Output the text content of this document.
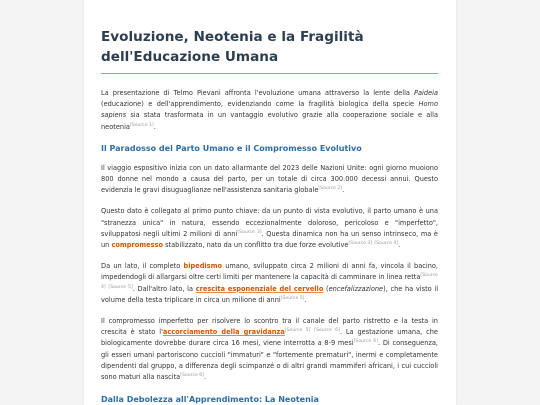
Evoluzione, Neotenia e la Fragilità
dell'Educazione Umana

La presentazione di Telmo Pievani affronta l'evoluzione umana attraverso la lente della Paideia (educazione) e dell'apprendimento, evidenziando come la fragilità biologica della specie Homo sapiens sia stata trasformata in un vantaggio evolutivo grazie alla cooperazione sociale e alla neotenia[Source 1].

Il Paradosso del Parto Umano e il Compromesso Evolutivo

Il viaggio espositivo inizia con un dato allarmante del 2023 delle Nazioni Unite: ogni giorno muoiono 800 donne nel mondo a causa del parto, per un totale di circa 300.000 decessi annui. Questo evidenzia le gravi disuguaglianze nell'assistenza sanitaria globale[Source 2].

Questo dato è collegato al primo punto chiave: da un punto di vista evolutivo, il parto umano è una "stranezza unica" in natura, essendo eccezionalmente doloroso, pericoloso e "imperfetto", sviluppatosi negli ultimi 2 milioni di anni[Source 3]. Questa dinamica non ha un senso intrinseco, ma è un compromesso stabilizzato, nato da un conflitto tra due forze evolutive[Source 3] [Source 4].

Da un lato, il completo bipedismo umano, sviluppato circa 2 milioni di anni fa, vincola il bacino, impedendogli di allargarsi oltre certi limiti per mantenere la capacità di camminare in linea retta[Source 4] [Source 5]. Dall'altro lato, la crescita esponenziale del cervello (encefalizzazione), che ha visto il volume della testa triplicare in circa un milione di anni[Source 5].

Il compromesso imperfetto per risolvere lo scontro tra il canale del parto ristretto e la testa in crescita è stato l'accorciamento della gravidanza[Source 5] [Source 6]. La gestazione umana, che biologicamente dovrebbe durare circa 16 mesi, viene interrotta a 8-9 mesi[Source 6]. Di conseguenza, gli esseri umani partoriscono cuccioli "immaturi" e "fortemente prematuri", inermi e completamente dipendenti dal gruppo, a differenza degli scimpanzé o di altri grandi mammiferi africani, i cui cuccioli sono maturi alla nascita[Source 6].

Dalla Debolezza all'Apprendimento: La Neotenia
